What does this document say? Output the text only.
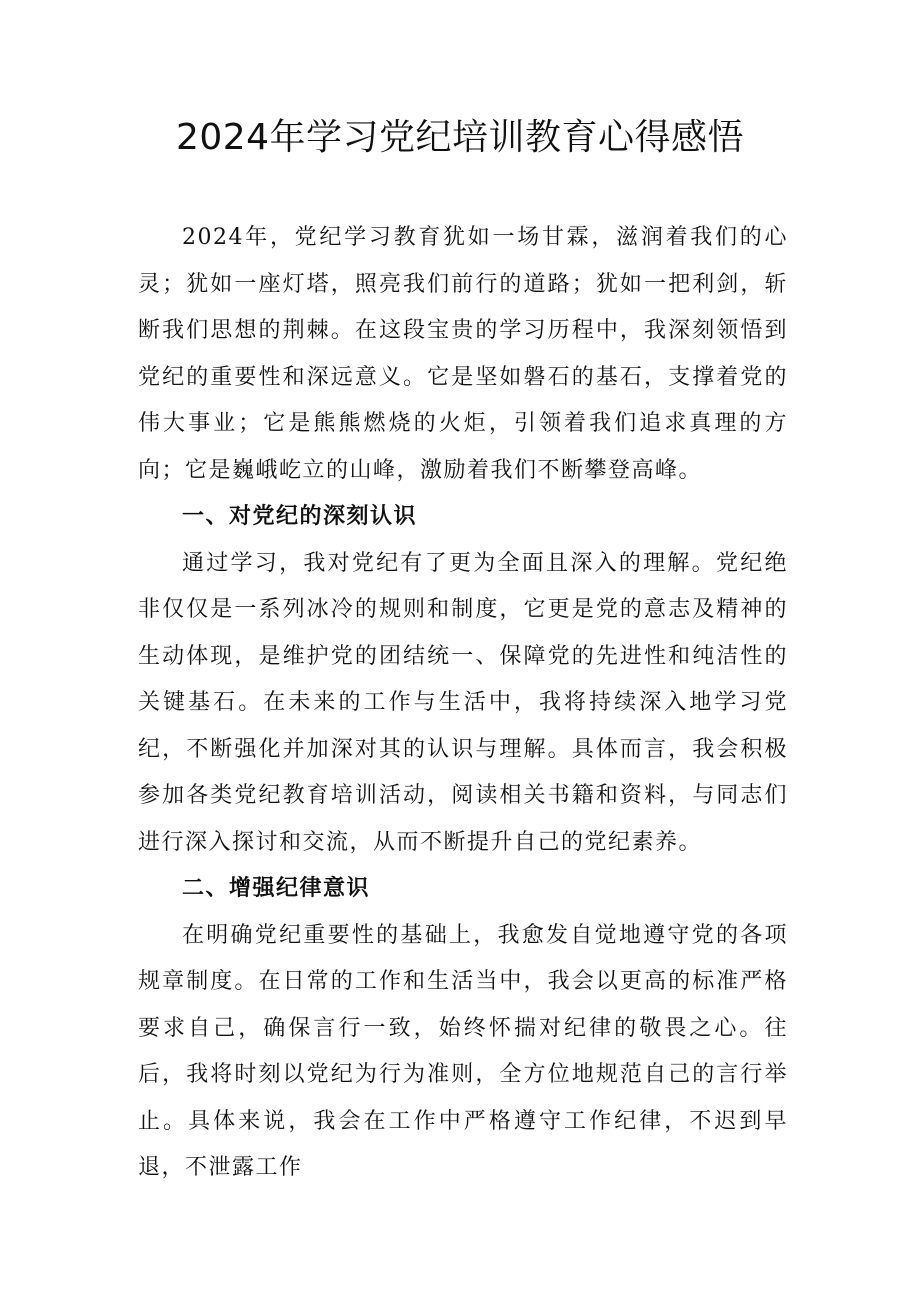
2024年学习党纪培训教育心得感悟

2024年，党纪学习教育犹如一场甘霖，滋润着我们的心灵；犹如一座灯塔，照亮我们前行的道路；犹如一把利剑，斩断我们思想的荆棘。在这段宝贵的学习历程中，我深刻领悟到党纪的重要性和深远意义。它是坚如磐石的基石，支撑着党的伟大事业；它是熊熊燃烧的火炬，引领着我们追求真理的方向；它是巍峨屹立的山峰，激励着我们不断攀登高峰。

一、对党纪的深刻认识

通过学习，我对党纪有了更为全面且深入的理解。党纪绝非仅仅是一系列冰冷的规则和制度，它更是党的意志及精神的生动体现，是维护党的团结统一、保障党的先进性和纯洁性的关键基石。在未来的工作与生活中，我将持续深入地学习党纪，不断强化并加深对其的认识与理解。具体而言，我会积极参加各类党纪教育培训活动，阅读相关书籍和资料，与同志们进行深入探讨和交流，从而不断提升自己的党纪素养。

二、增强纪律意识

在明确党纪重要性的基础上，我愈发自觉地遵守党的各项规章制度。在日常的工作和生活当中，我会以更高的标准严格要求自己，确保言行一致，始终怀揣对纪律的敬畏之心。往后，我将时刻以党纪为行为准则，全方位地规范自己的言行举止。具体来说，我会在工作中严格遵守工作纪律，不迟到早退，不泄露工作
